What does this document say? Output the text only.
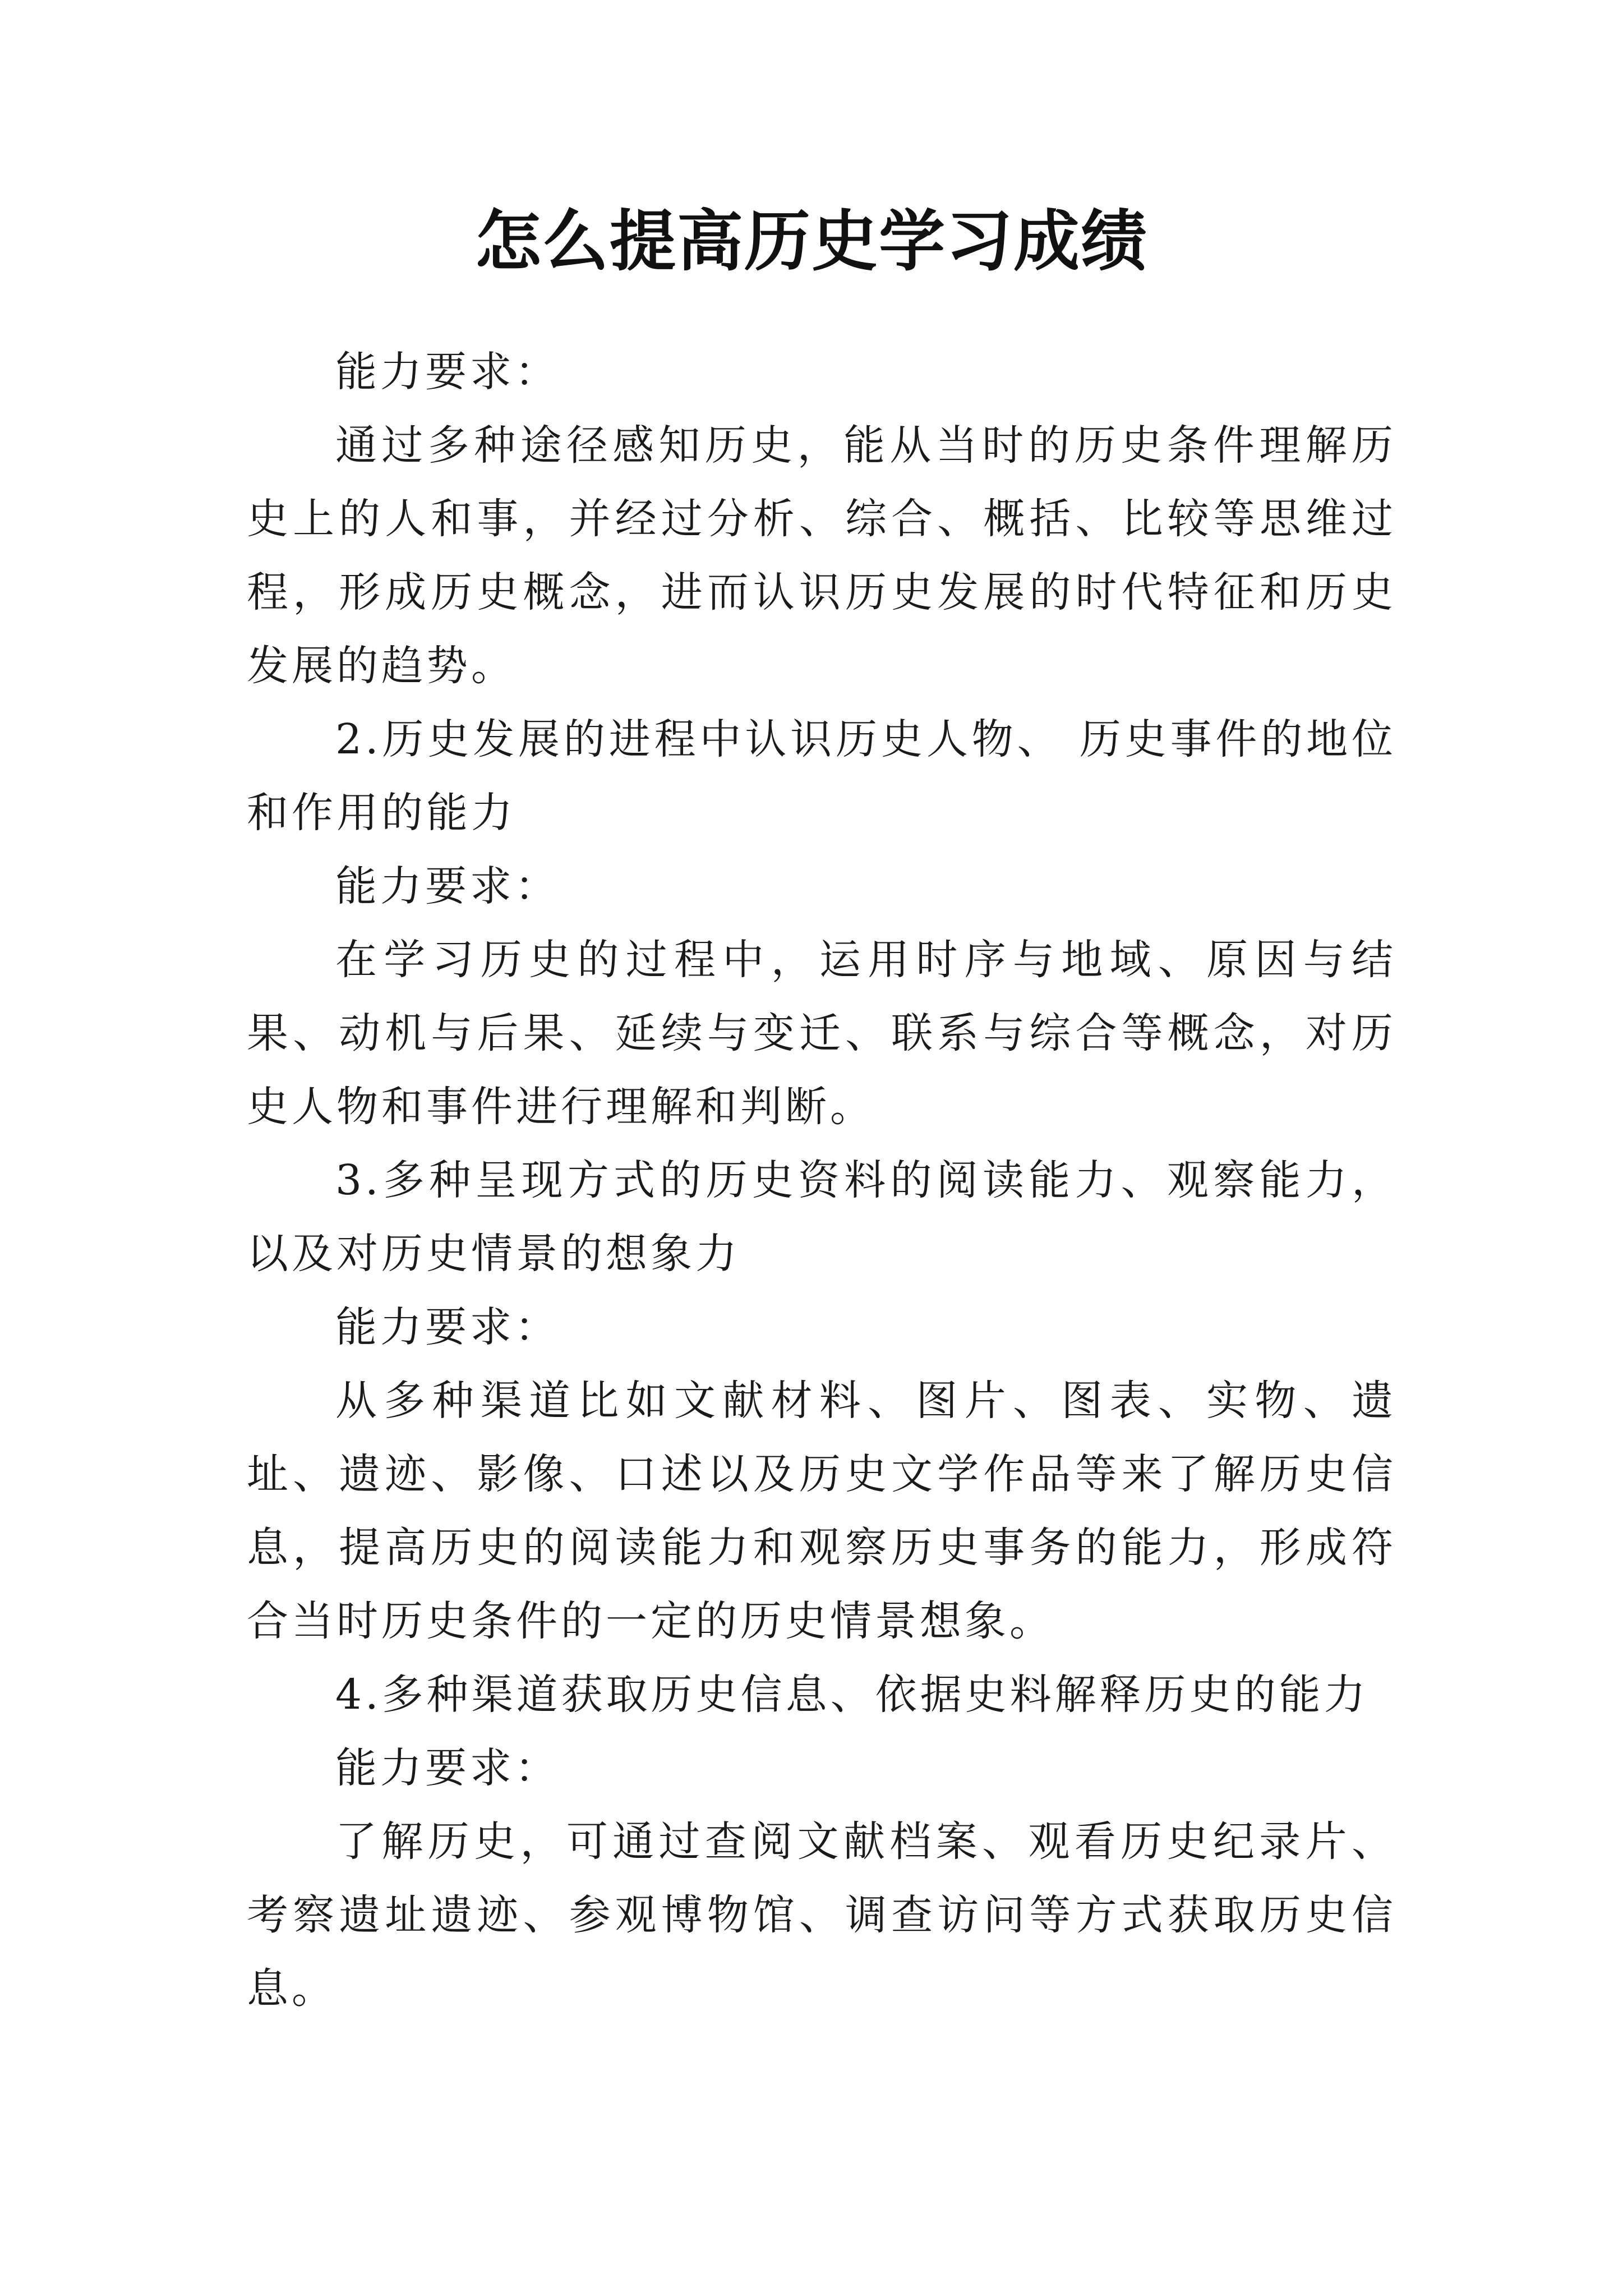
怎么提高历史学习成绩

能力要求：

通过多种途径感知历史，能从当时的历史条件理解历史上的人和事，并经过分析、综合、概括、比较等思维过程，形成历史概念，进而认识历史发展的时代特征和历史发展的趋势。

2.历史发展的进程中认识历史人物、 历史事件的地位和作用的能力

能力要求：

在学习历史的过程中，运用时序与地域、原因与结果、动机与后果、延续与变迁、联系与综合等概念，对历史人物和事件进行理解和判断。

3.多种呈现方式的历史资料的阅读能力、观察能力，以及对历史情景的想象力

能力要求：

从多种渠道比如文献材料、图片、图表、实物、遗址、遗迹、影像、口述以及历史文学作品等来了解历史信息，提高历史的阅读能力和观察历史事务的能力，形成符合当时历史条件的一定的历史情景想象。

4.多种渠道获取历史信息、依据史料解释历史的能力

能力要求：

了解历史，可通过查阅文献档案、观看历史纪录片、考察遗址遗迹、参观博物馆、调查访问等方式获取历史信息。
